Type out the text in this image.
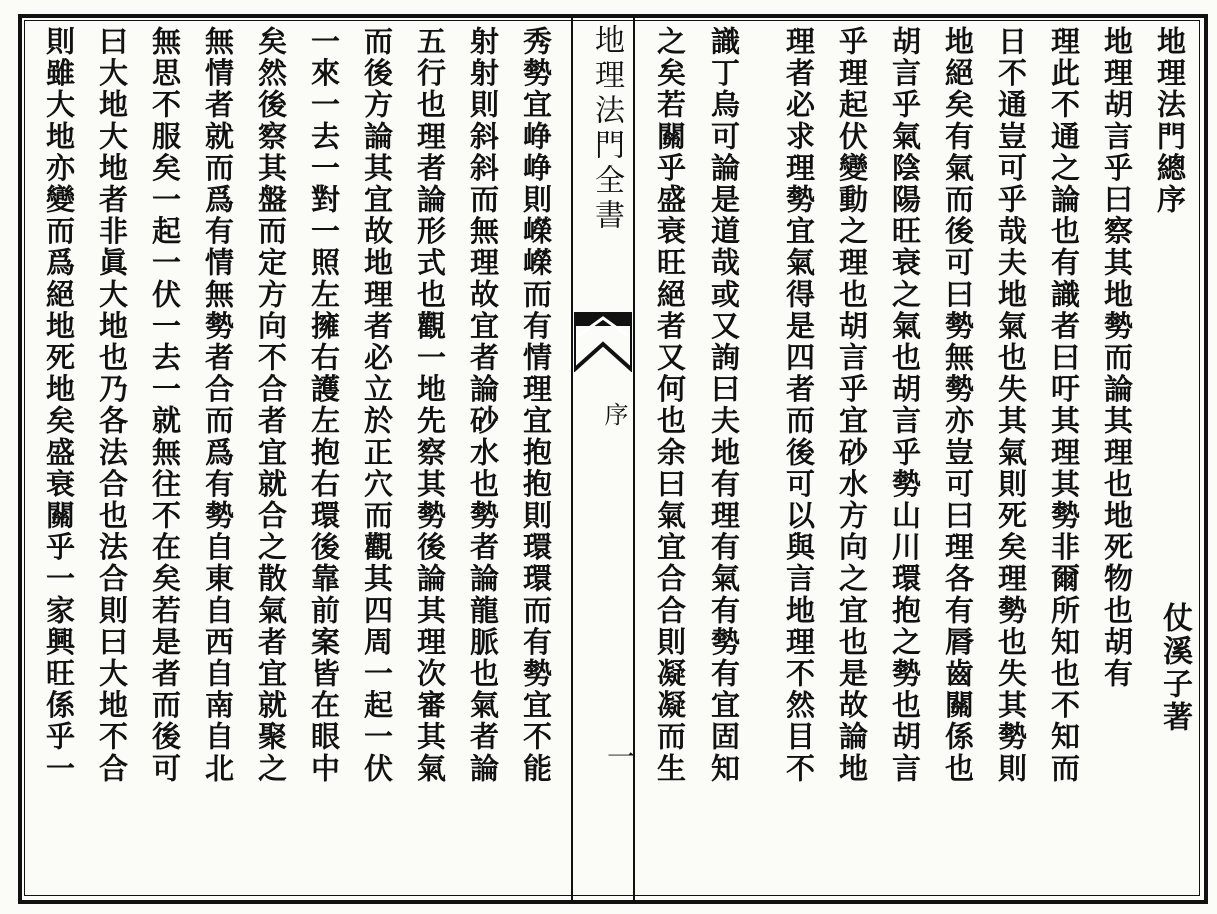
地理法門全書
序
一
地理法門總序
仗溪子著
地理胡言乎曰察其地勢而論其理也地死物也胡有
理此不通之論也有識者曰吁其理其勢非爾所知也不知而
日不通豈可乎哉夫地氣也失其氣則死矣理勢也失其勢則
地絕矣有氣而後可曰勢無勢亦豈可曰理各有脣齒關係也
胡言乎氣陰陽旺衰之氣也胡言乎勢山川環抱之勢也胡言
乎理起伏變動之理也胡言乎宜砂水方向之宜也是故論地
理者必求理勢宜氣得是四者而後可以與言地理不然目不
識丁烏可論是道哉或又詢曰夫地有理有氣有勢有宜固知
之矣若關乎盛衰旺絕者又何也余曰氣宜合合則凝凝而生
秀勢宜峥峥則嶸嶸而有情理宜抱抱則環環而有勢宜不能
射射則斜斜而無理故宜者論砂水也勢者論龍脈也氣者論
五行也理者論形式也觀一地先察其勢後論其理次審其氣
而後方論其宜故地理者必立於正穴而觀其四周一起一伏
一來一去一對一照左擁右護左抱右環後靠前案皆在眼中
矣然後察其盤而定方向不合者宜就合之散氣者宜就聚之
無情者就而爲有情無勢者合而爲有勢自東自西自南自北
無思不服矣一起一伏一去一就無往不在矣若是者而後可
曰大地大地者非眞大地也乃各法合也法合則曰大地不合
則雖大地亦變而爲絕地死地矣盛衰關乎一家興旺係乎一
